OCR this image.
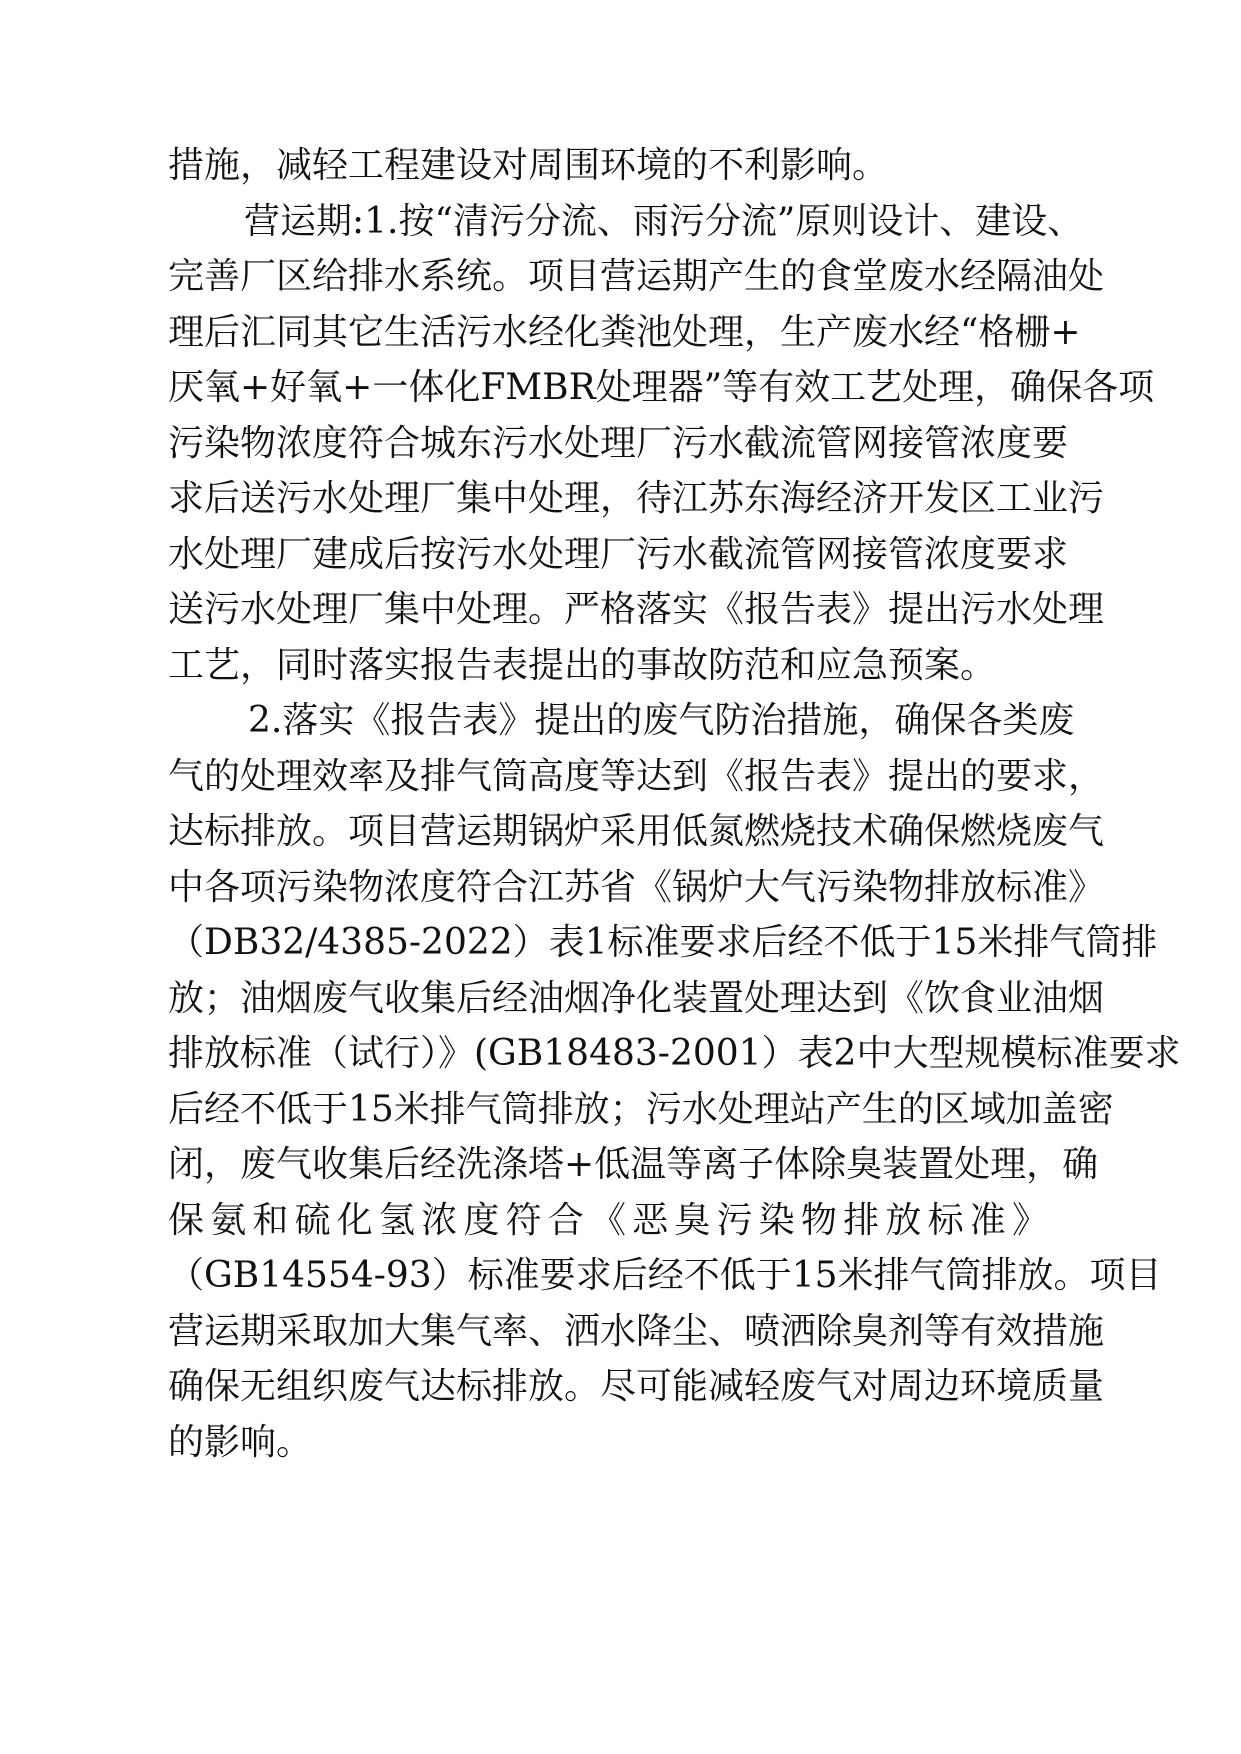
措施，减轻工程建设对周围环境的不利影响。
营运期:1.按“清污分流、雨污分流”原则设计、建设、
完善厂区给排水系统。项目营运期产生的食堂废水经隔油处
理后汇同其它生活污水经化粪池处理，生产废水经“格栅+
厌氧+好氧+一体化FMBR处理器”等有效工艺处理，确保各项
污染物浓度符合城东污水处理厂污水截流管网接管浓度要
求后送污水处理厂集中处理，待江苏东海经济开发区工业污
水处理厂建成后按污水处理厂污水截流管网接管浓度要求
送污水处理厂集中处理。严格落实《报告表》提出污水处理
工艺，同时落实报告表提出的事故防范和应急预案。
2.落实《报告表》提出的废气防治措施，确保各类废
气的处理效率及排气筒高度等达到《报告表》提出的要求，
达标排放。项目营运期锅炉采用低氮燃烧技术确保燃烧废气
中各项污染物浓度符合江苏省《锅炉大气污染物排放标准》
（DB32/4385-2022）表1标准要求后经不低于15米排气筒排
放；油烟废气收集后经油烟净化装置处理达到《饮食业油烟
排放标准（试行）》(GB18483-2001）表2中大型规模标准要求
后经不低于15米排气筒排放；污水处理站产生的区域加盖密
闭，废气收集后经洗涤塔+低温等离子体除臭装置处理，确
保氨和硫化氢浓度符合《恶臭污染物排放标准》
（GB14554-93）标准要求后经不低于15米排气筒排放。项目
营运期采取加大集气率、洒水降尘、喷洒除臭剂等有效措施
确保无组织废气达标排放。尽可能减轻废气对周边环境质量
的影响。
